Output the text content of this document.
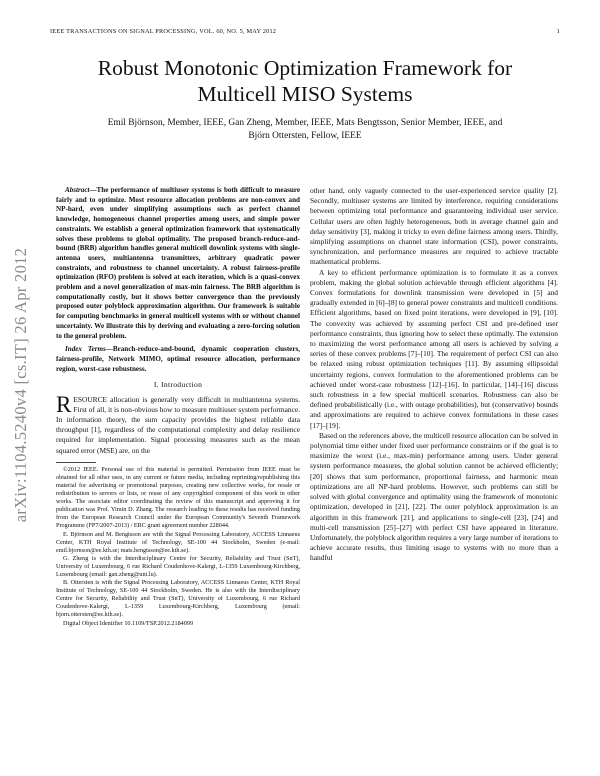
IEEE TRANSACTIONS ON SIGNAL PROCESSING, VOL. 60, NO. 5, MAY 2012	1
Robust Monotonic Optimization Framework for
Multicell MISO Systems
Emil Björnson, Member, IEEE, Gan Zheng, Member, IEEE, Mats Bengtsson, Senior Member, IEEE, and
Björn Ottersten, Fellow, IEEE
arXiv:1104.5240v4 [cs.IT] 26 Apr 2012

Abstract—The performance of multiuser systems is both difficult to measure fairly and to optimize. Most resource allocation problems are non-convex and NP-hard, even under simplifying assumptions such as perfect channel knowledge, homogeneous channel properties among users, and simple power constraints. We establish a general optimization framework that systematically solves these problems to global optimality. The proposed branch-reduce-and-bound (BRB) algorithm handles general multicell downlink systems with single-antenna users, multiantenna transmitters, arbitrary quadratic power constraints, and robustness to channel uncertainty. A robust fairness-profile optimization (RFO) problem is solved at each iteration, which is a quasi-convex problem and a novel generalization of max-min fairness. The BRB algorithm is computationally costly, but it shows better convergence than the previously proposed outer polyblock approximation algorithm. Our framework is suitable for computing benchmarks in general multicell systems with or without channel uncertainty. We illustrate this by deriving and evaluating a zero-forcing solution to the general problem.

Index Terms—Branch-reduce-and-bound, dynamic cooperation clusters, fairness-profile, Network MIMO, optimal resource allocation, performance region, worst-case robustness.

I. Introduction

RESOURCE allocation is generally very difficult in multiantenna systems. First of all, it is non-obvious how to measure multiuser system performance. In information theory, the sum capacity provides the highest reliable data throughput [1], regardless of the computational complexity and delay resilience required for implementation. Signal processing measures such as the mean squared error (MSE) are, on the

©2012 IEEE. Personal use of this material is permitted. Permission from IEEE must be obtained for all other uses, in any current or future media, including reprinting/republishing this material for advertising or promotional purposes, creating new collective works, for resale or redistribution to servers or lists, or reuse of any copyrighted component of this work in other works. The associate editor coordinating the review of this manuscript and approving it for publication was Prof. Yimin D. Zhang. The research leading to these results has received funding from the European Research Council under the European Community's Seventh Framework Programme (FP7/2007-2013) / ERC grant agreement number 228044.

E. Björnson and M. Bengtsson are with the Signal Processing Laboratory, ACCESS Linnaeus Center, KTH Royal Institute of Technology, SE-100 44 Stockholm, Sweden (e-mail: emil.bjornson@ee.kth.se; mats.bengtsson@ee.kth.se).

G. Zheng is with the Interdisciplinary Centre for Security, Reliability and Trust (SnT), University of Luxembourg, 6 rue Richard Coudenhove-Kalergi, L-1359 Luxembourg-Kirchberg, Luxembourg (email: gan.zheng@uni.lu).

B. Ottersten is with the Signal Processing Laboratory, ACCESS Linnaeus Center, KTH Royal Institute of Technology, SE-100 44 Stockholm, Sweden. He is also with the Interdisciplinary Centre for Security, Reliability and Trust (SnT), University of Luxembourg, 6 rue Richard Coudenhove-Kalergi, L-1359 Luxembourg-Kirchberg, Luxembourg (email: bjorn.ottersten@ee.kth.se).

Digital Object Identifier 10.1109/TSP.2012.2184099

other hand, only vaguely connected to the user-experienced service quality [2]. Secondly, multiuser systems are limited by interference, requiring considerations between optimizing total performance and guaranteeing individual user service. Cellular users are often highly heterogeneous, both in average channel gain and delay sensitivity [3], making it tricky to even define fairness among users. Thirdly, simplifying assumptions on channel state information (CSI), power constraints, synchronization, and performance measures are required to achieve tractable mathematical problems.

A key to efficient performance optimization is to formulate it as a convex problem, making the global solution achievable through efficient algorithms [4]. Convex formulations for downlink transmission were developed in [5] and gradually extended in [6]–[8] to general power constraints and multicell conditions. Efficient algorithms, based on fixed point iterations, were developed in [9], [10]. The convexity was achieved by assuming perfect CSI and pre-defined user performance constraints, thus ignoring how to select these optimally. The extension to maximizing the worst performance among all users is achieved by solving a series of these convex problems [7]–[10]. The requirement of perfect CSI can also be relaxed using robust optimization techniques [11]. By assuming ellipsoidal uncertainty regions, convex formulation to the aforementioned problems can be achieved under worst-case robustness [12]–[16]. In particular, [14]–[16] discuss such robustness in a few special multicell scenarios. Robustness can also be defined probabilistically (i.e., with outage probabilities), but (conservative) bounds and approximations are required to achieve convex formulations in these cases [17]–[19].

Based on the references above, the multicell resource allocation can be solved in polynomial time either under fixed user performance constraints or if the goal is to maximize the worst (i.e., max-min) performance among users. Under general system performance measures, the global solution cannot be achieved efficiently; [20] shows that sum performance, proportional fairness, and harmonic mean optimizations are all NP-hard problems. However, such problems can still be solved with global convergence and optimality using the framework of monotonic optimization, developed in [21], [22]. The outer polyblock approximation is an algorithm in this framework [21], and applications to single-cell [23], [24] and multi-cell transmission [25]–[27] with perfect CSI have appeared in literature. Unfortunately, the polyblock algorithm requires a very large number of iterations to achieve accurate results, thus limiting usage to systems with no more than a handful
